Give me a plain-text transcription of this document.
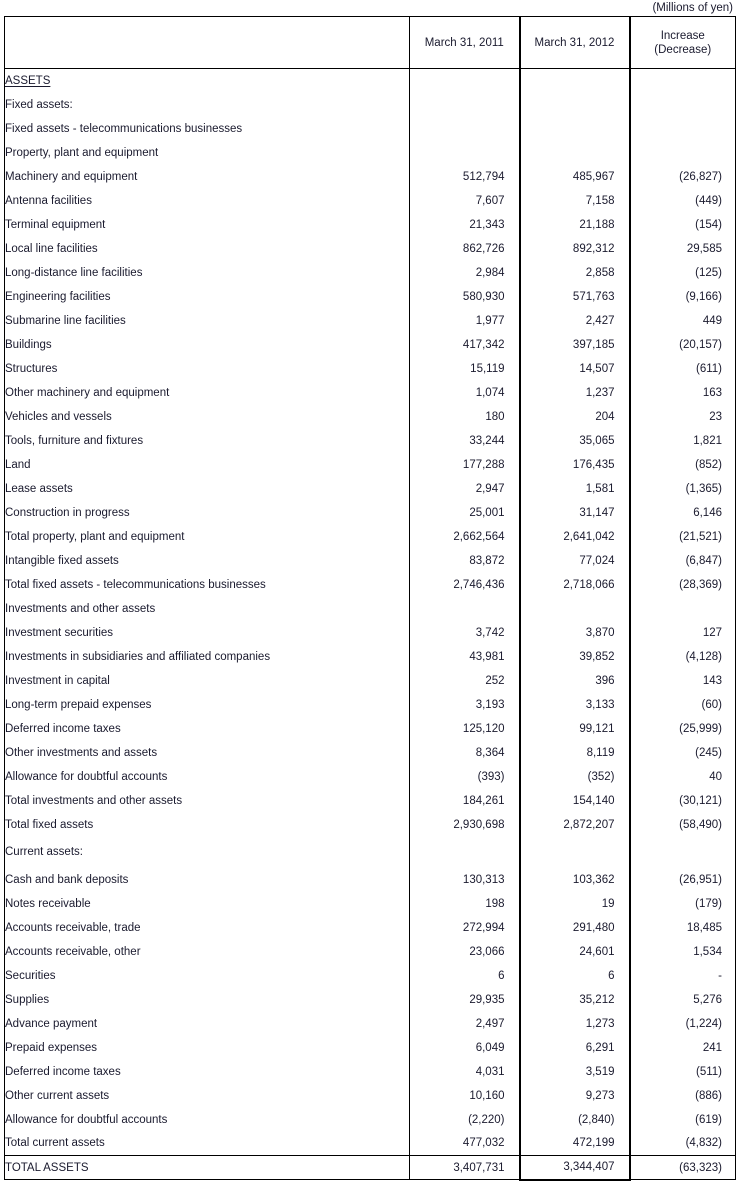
(Millions of yen)
	March 31, 2011	March 31, 2012	Increase
(Decrease)

ASSETS			
Fixed assets:			
Fixed assets - telecommunications businesses			
Property, plant and equipment			
Machinery and equipment	512,794	485,967	(26,827)
Antenna facilities	7,607	7,158	(449)
Terminal equipment	21,343	21,188	(154)
Local line facilities	862,726	892,312	29,585
Long-distance line facilities	2,984	2,858	(125)
Engineering facilities	580,930	571,763	(9,166)
Submarine line facilities	1,977	2,427	449
Buildings	417,342	397,185	(20,157)
Structures	15,119	14,507	(611)
Other machinery and equipment	1,074	1,237	163
Vehicles and vessels	180	204	23
Tools, furniture and fixtures	33,244	35,065	1,821
Land	177,288	176,435	(852)
Lease assets	2,947	1,581	(1,365)
Construction in progress	25,001	31,147	6,146
Total property, plant and equipment	2,662,564	2,641,042	(21,521)
Intangible fixed assets	83,872	77,024	(6,847)
Total fixed assets - telecommunications businesses	2,746,436	2,718,066	(28,369)
Investments and other assets			
Investment securities	3,742	3,870	127
Investments in subsidiaries and affiliated companies	43,981	39,852	(4,128)
Investment in capital	252	396	143
Long-term prepaid expenses	3,193	3,133	(60)
Deferred income taxes	125,120	99,121	(25,999)
Other investments and assets	8,364	8,119	(245)
Allowance for doubtful accounts	(393)	(352)	40
Total investments and other assets	184,261	154,140	(30,121)
Total fixed assets	2,930,698	2,872,207	(58,490)
Current assets:			
Cash and bank deposits	130,313	103,362	(26,951)
Notes receivable	198	19	(179)
Accounts receivable, trade	272,994	291,480	18,485
Accounts receivable, other	23,066	24,601	1,534
Securities	6	6	-
Supplies	29,935	35,212	5,276
Advance payment	2,497	1,273	(1,224)
Prepaid expenses	6,049	6,291	241
Deferred income taxes	4,031	3,519	(511)
Other current assets	10,160	9,273	(886)
Allowance for doubtful accounts	(2,220)	(2,840)	(619)
Total current assets	477,032	472,199	(4,832)
TOTAL ASSETS	3,407,731	3,344,407	(63,323)
